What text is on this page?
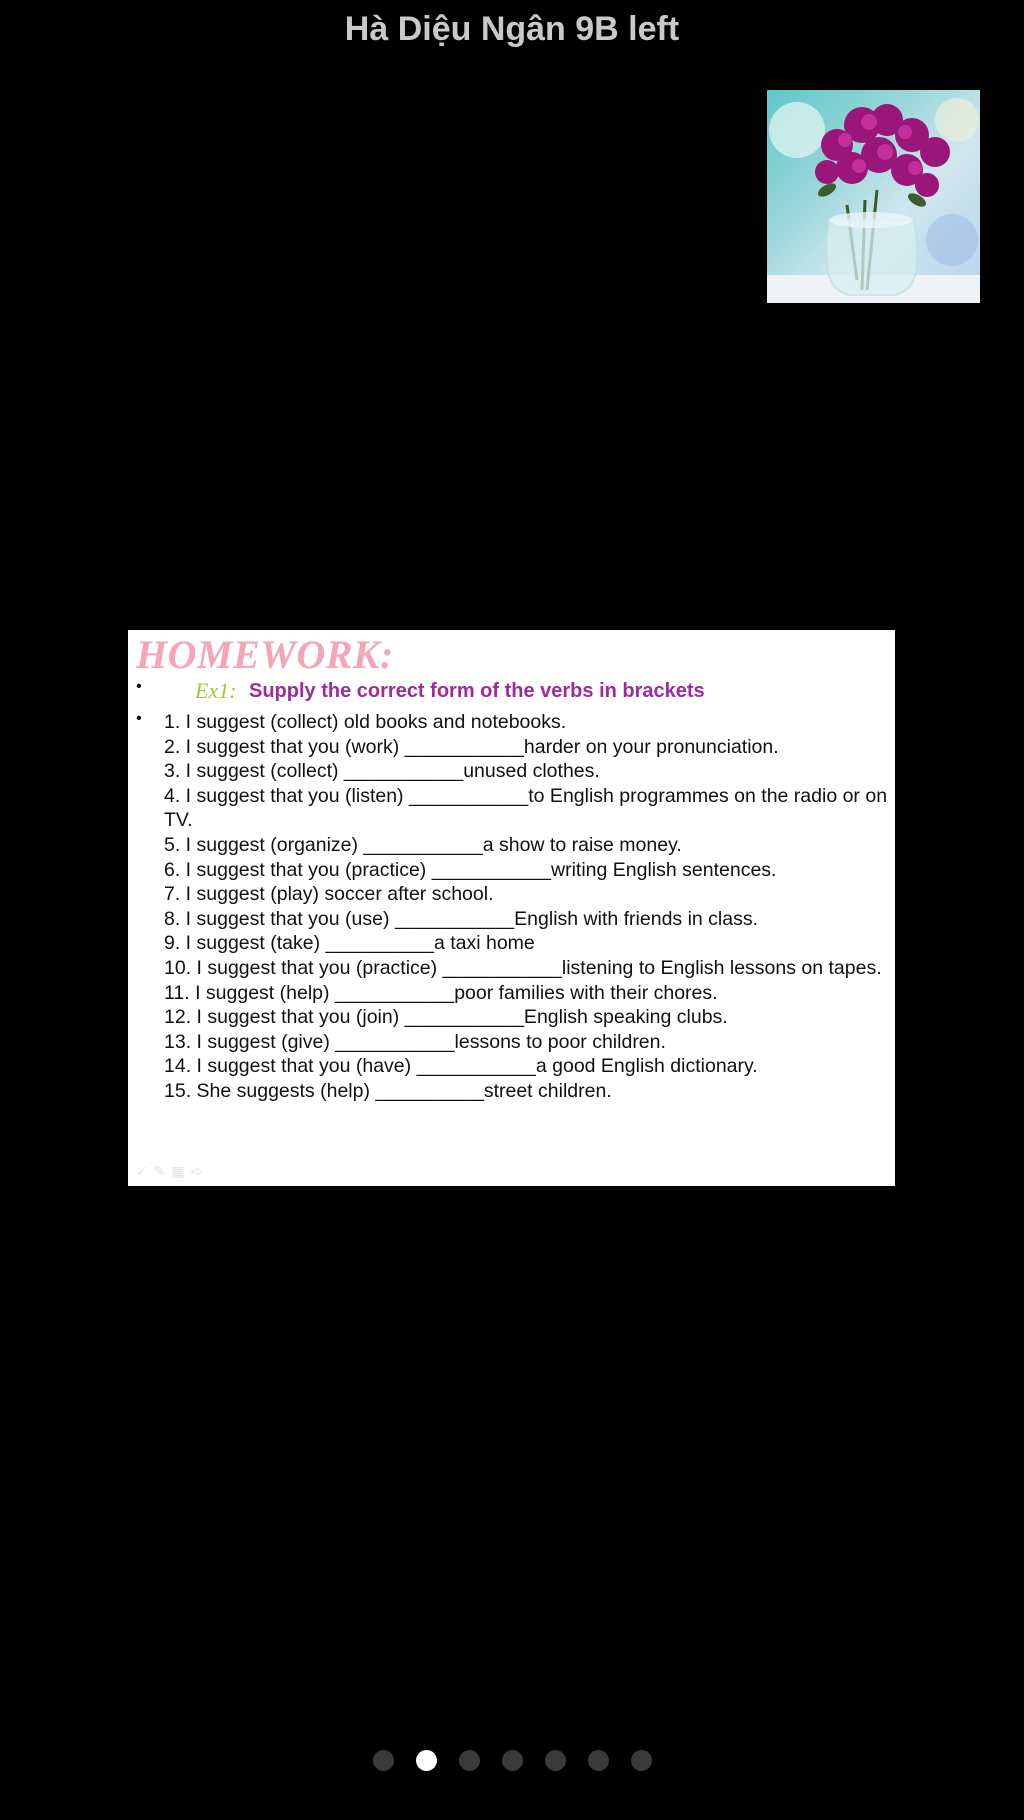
Hà Diệu Ngân 9B left
HOMEWORK:
• Ex1: Supply the correct form of the verbs in brackets
• 1. I suggest (collect) old books and notebooks.
2. I suggest that you (work) ___________harder on your pronunciation.
3. I suggest (collect) ___________unused clothes.
4. I suggest that you (listen) ___________to English programmes on the radio or on TV.
5. I suggest (organize) ___________a show to raise money.
6. I suggest that you (practice) ___________writing English sentences.
7. I suggest (play) soccer after school.
8. I suggest that you (use) ___________English with friends in class.
9. I suggest (take) __________a taxi home
10. I suggest that you (practice) ___________listening to English lessons on tapes.
11. I suggest (help) ___________poor families with their chores.
12. I suggest that you (join) ___________English speaking clubs.
13. I suggest (give) ___________lessons to poor children.
14. I suggest that you (have) ___________a good English dictionary.
15. She suggests (help) __________street children.
✓✎▦➪
